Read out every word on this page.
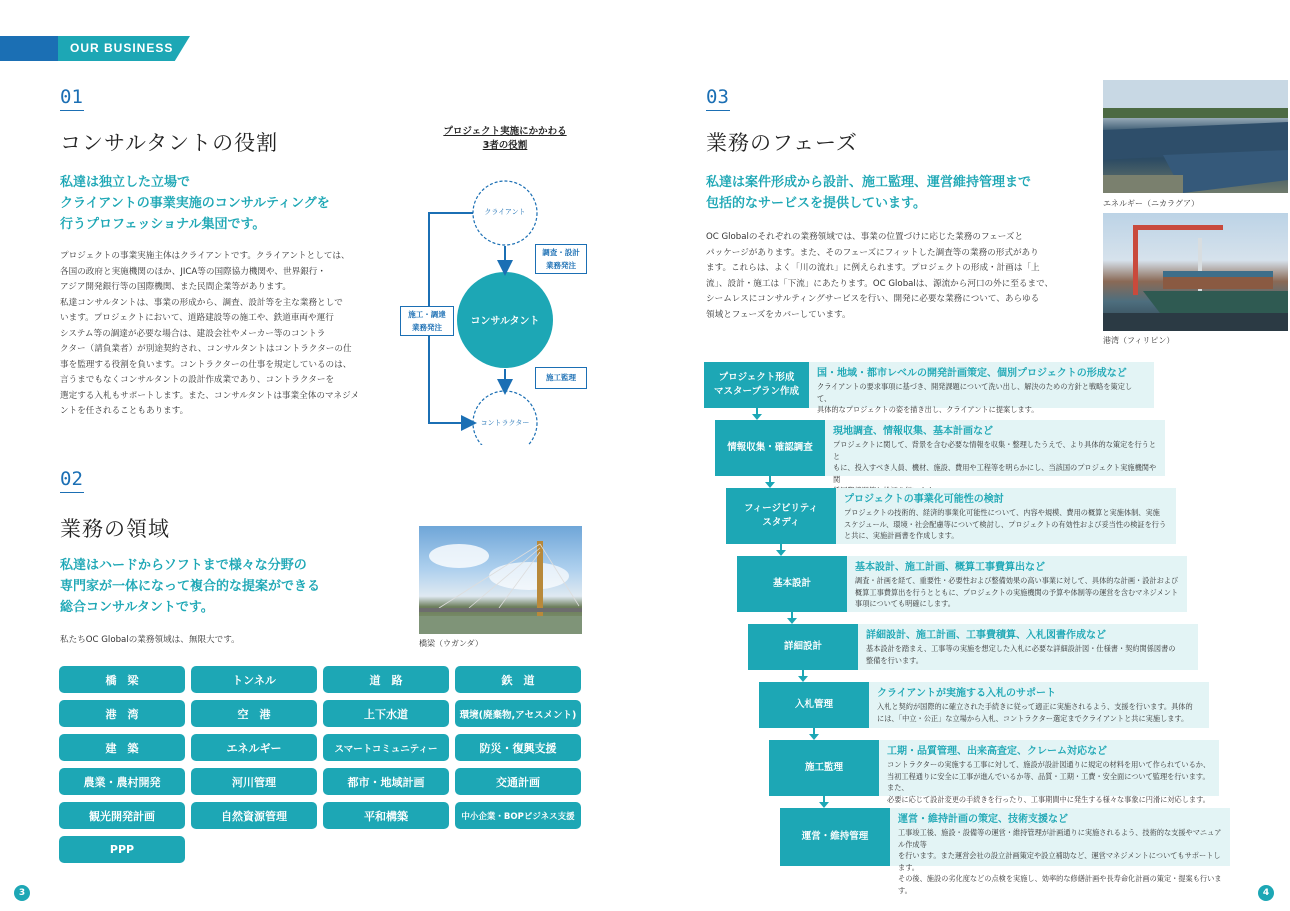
OUR BUSINESS
01
コンサルタントの役割
私達は独立した立場で
クライアントの事業実施のコンサルティングを
行うプロフェッショナル集団です。
プロジェクトの事業実施主体はクライアントです。クライアントとしては、
各国の政府と実施機関のほか、JICA等の国際協力機関や、世界銀行・
アジア開発銀行等の国際機関、また民間企業等があります。
私達コンサルタントは、事業の形成から、調査、設計等を主な業務としで
います。プロジェクトにおいて、道路建設等の施工や、鉄道車両や運行
システム等の調達が必要な場合は、建設会社やメーカー等のコントラ
クター（請負業者）が別途契約され、コンサルタントはコントラクターの仕
事を監理する役割を負います。コントラクターの仕事を規定しているのは、
言うまでもなくコンサルタントの設計作成業であり、コントラクターを
選定する入札もサポートします。また、コンサルタントは事業全体のマネジメ
ントを任されることもあります。
プロジェクト実施にかかわる
3者の役割
クライアント
コンサルタント
コントラクター
調査・設計
業務発注
施工・調達
業務発注
施工監理
02
業務の領域
私達はハードからソフトまで様々な分野の
専門家が一体になって複合的な提案ができる
総合コンサルタントです。
私たちOC Globalの業務領域は、無限大です。	橋梁（ウガンダ）
橋　梁	トンネル	道　路	鉄　道
港　湾	空　港	上下水道	環境(廃棄物,アセスメント)
建　築	エネルギー	スマートコミュニティー	防災・復興支援
農業・農村開発	河川管理	都市・地域計画	交通計画
観光開発計画	自然資源管理	平和構築	中小企業・BOPビジネス支援
PPP
03
業務のフェーズ
私達は案件形成から設計、施工監理、運営維持管理まで
包括的なサービスを提供しています。
OC Globalのそれぞれの業務領域では、事業の位置づけに応じた業務のフェーズと
パッケージがあります。また、そのフェーズにフィットした調査等の業務の形式があり
ます。これらは、よく「川の流れ」に例えられます。プロジェクトの形成・計画は「上
流」、設計・施工は「下流」にあたります。OC Globalは、源流から河口の外に至るまで、
シームレスにコンサルティングサービスを行い、開発に必要な業務について、あらゆる
領域とフェーズをカバーしています。
エネルギー（ニカラグア）
港湾（フィリピン）
プロジェクト形成
マスタープラン作成
国・地域・都市レベルの開発計画策定、個別プロジェクトの形成など
クライアントの要求事項に基づき、開発課題について洗い出し、解決のための方針と戦略を策定して、
具体的なプロジェクトの姿を描き出し、クライアントに提案します。
情報収集・確認調査
現地調査、情報収集、基本計画など
プロジェクトに関して、背景を含む必要な情報を収集・整理したうえで、より具体的な策定を行うとと
もに、投入すべき人員、機材、施設、費用や工程等を明らかにし、当該国のプロジェクト実施機関や関
フィージビリティ
スタディ
プロジェクトの事業化可能性の検討
プロジェクトの技術的、経済的事業化可能性について、内容や規模、費用の概算と実施体制、実施
スケジュール、環境・社会配慮等について検討し、プロジェクトの有効性および妥当性の検証を行う
と共に、実施計画書を作成します。
基本設計
基本設計、施工計画、概算工事費算出など
調査・計画を経て、重要性・必要性および整備効果の高い事業に対して、具体的な計画・設計および
概算工事費算出を行うとともに、プロジェクトの実施機関の予算や体制等の運営を含むマネジメント
事項についても明確にします。
詳細設計
詳細設計、施工計画、工事費積算、入札図書作成など
基本設計を踏まえ、工事等の実施を想定した入札に必要な詳細設計図・仕様書・契約関係図書の
整備を行います。
入札管理
クライアントが実施する入札のサポート
入札と契約が国際的に確立された手続きに従って適正に実施されるよう、支援を行います。具体的
には、「中立・公正」な立場から入札、コントラクター選定までクライアントと共に実施します。
施工監理
工期・品質管理、出来高査定、クレーム対応など
コントラクターの実施する工事に対して、施設が設計図通りに規定の材料を用いて作られているか、
当初工程通りに安全に工事が進んでいるか等、品質・工期・工費・安全面について監理を行います。また、
必要に応じて設計変更の手続きを行ったり、工事期間中に発生する様々な事象に円滑に対応します。
運営・維持管理
運営・維持計画の策定、技術支援など
工事竣工後、施設・設備等の運営・維持管理が計画通りに実施されるよう、技術的な支援やマニュアル作成等
を行います。また運営会社の設立計画策定や設立補助など、運営マネジメントについてもサポートします。
その後、施設の劣化度などの点検を実施し、効率的な修繕計画や長寿命化計画の策定・提案も行います。
3	4
